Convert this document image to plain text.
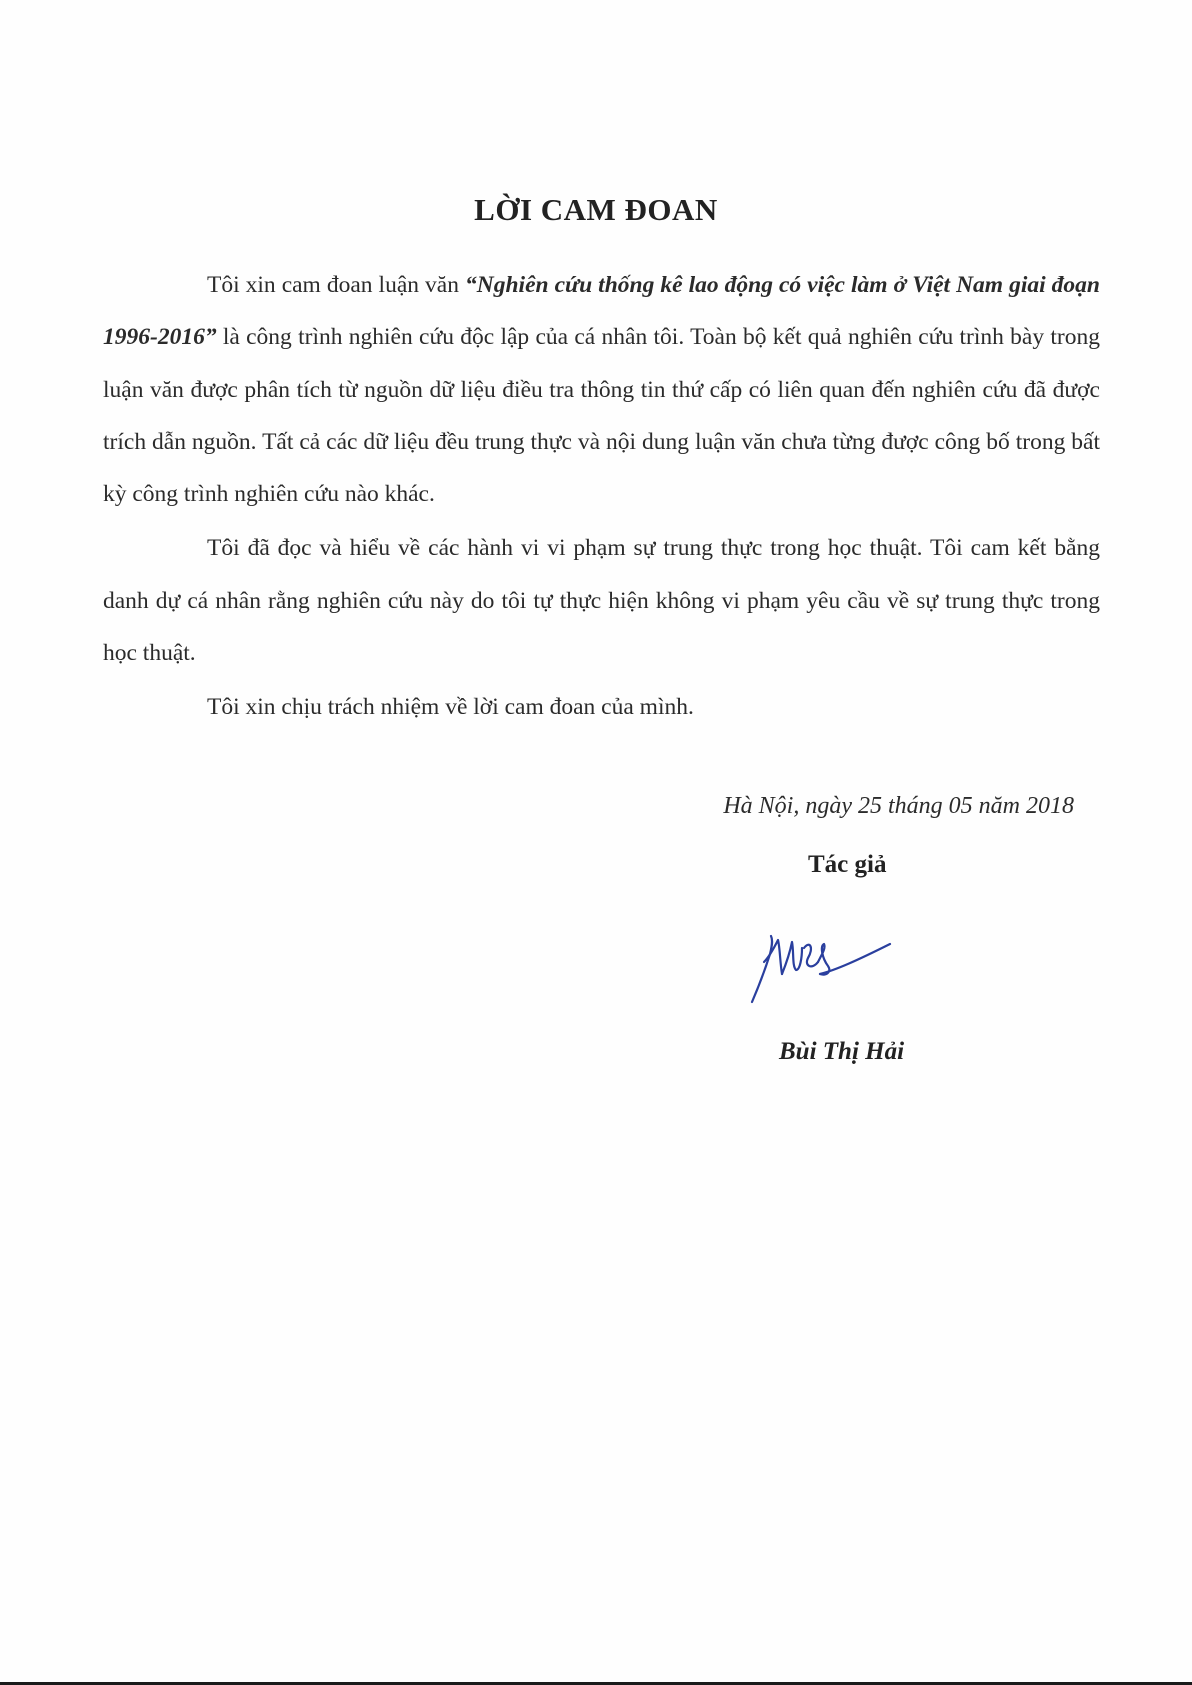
LỜI CAM ĐOAN

Tôi xin cam đoan luận văn “Nghiên cứu thống kê lao động có việc làm ở Việt Nam giai đoạn 1996-2016” là công trình nghiên cứu độc lập của cá nhân tôi. Toàn bộ kết quả nghiên cứu trình bày trong luận văn được phân tích từ nguồn dữ liệu điều tra thông tin thứ cấp có liên quan đến nghiên cứu đã được trích dẫn nguồn. Tất cả các dữ liệu đều trung thực và nội dung luận văn chưa từng được công bố trong bất kỳ công trình nghiên cứu nào khác.

Tôi đã đọc và hiểu về các hành vi vi phạm sự trung thực trong học thuật. Tôi cam kết bằng danh dự cá nhân rằng nghiên cứu này do tôi tự thực hiện không vi phạm yêu cầu về sự trung thực trong học thuật.

Tôi xin chịu trách nhiệm về lời cam đoan của mình.

Hà Nội, ngày 25 tháng 05 năm 2018
Tác giả
Bùi Thị Hải
